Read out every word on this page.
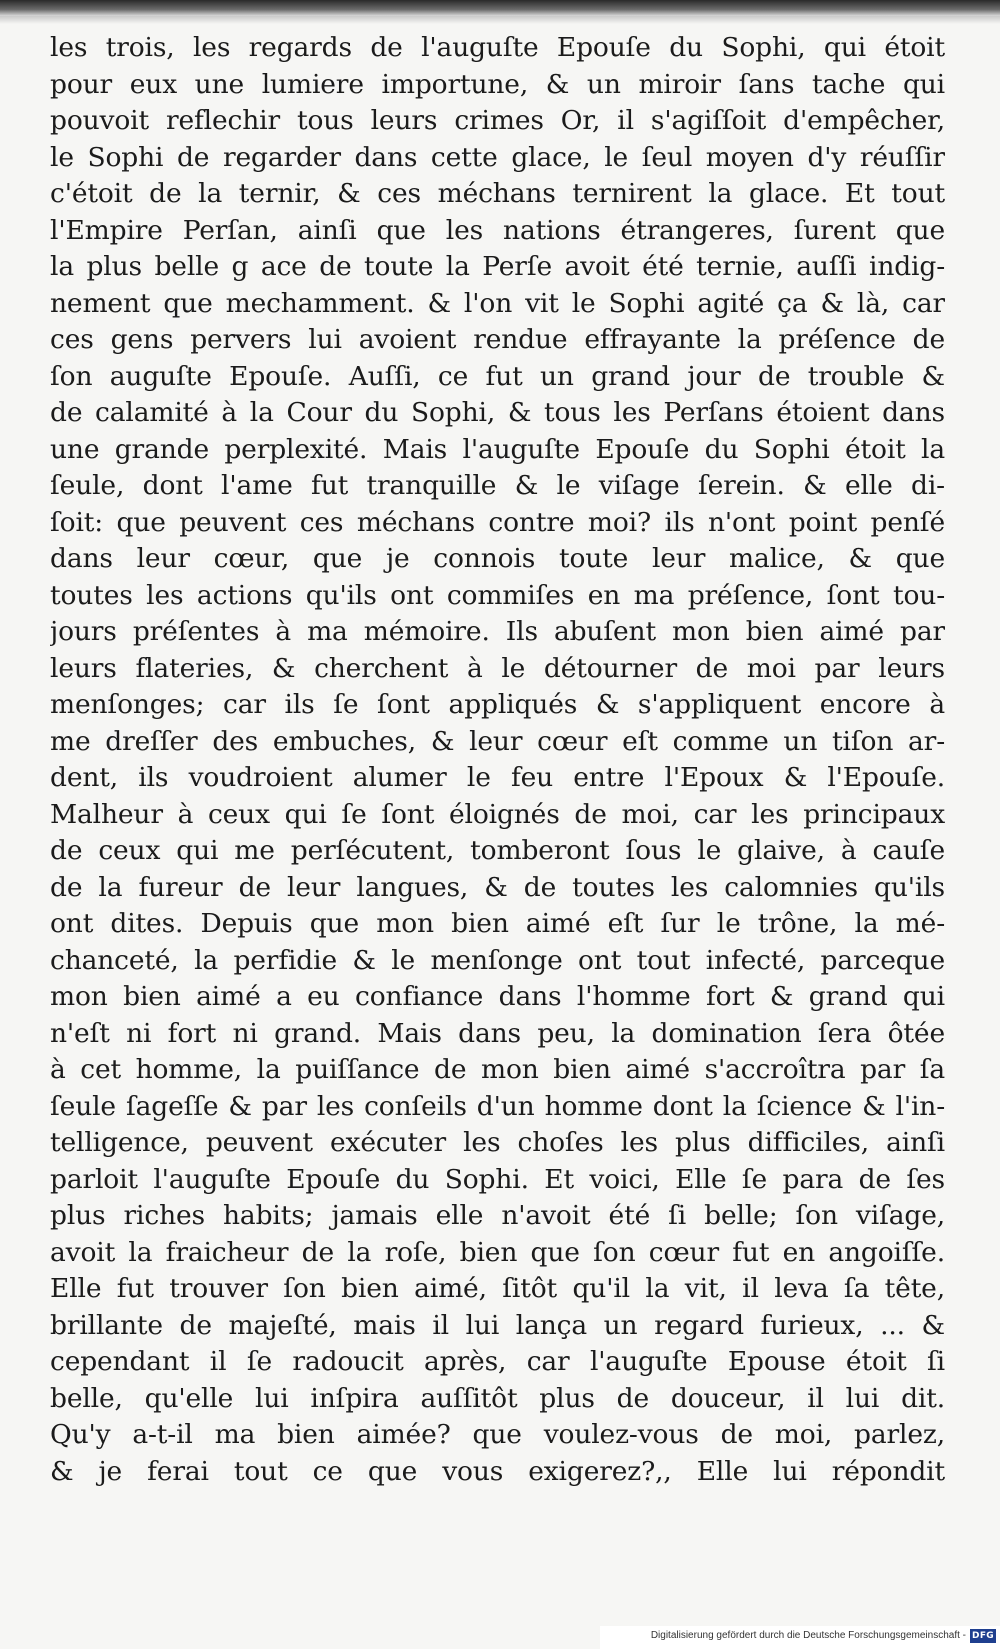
les trois, les regards de l'auguſte Epouſe du Sophi, qui étoit
pour eux une lumiere importune, & un miroir ſans tache qui
pouvoit reflechir tous leurs crimes Or, il s'agiſſoit d'empêcher,
le Sophi de regarder dans cette glace, le ſeul moyen d'y réuſſir
c'étoit de la ternir, & ces méchans ternirent la glace. Et tout
l'Empire Perſan, ainſi que les nations étrangeres, ſurent que
la plus belle g ace de toute la Perſe avoit été ternie, auſſi indig-
nement que mechamment. & l'on vit le Sophi agité ça & là, car
ces gens pervers lui avoient rendue effrayante la préſence de
ſon auguſte Epouſe. Auſſi, ce fut un grand jour de trouble &
de calamité à la Cour du Sophi, & tous les Perſans étoient dans
une grande perplexité. Mais l'auguſte Epouſe du Sophi étoit la
ſeule, dont l'ame fut tranquille & le viſage ſerein. & elle di-
ſoit: que peuvent ces méchans contre moi? ils n'ont point penſé
dans leur cœur, que je connois toute leur malice, & que
toutes les actions qu'ils ont commiſes en ma préſence, ſont tou-
jours préſentes à ma mémoire. Ils abuſent mon bien aimé par
leurs flateries, & cherchent à le détourner de moi par leurs
menſonges; car ils ſe ſont appliqués & s'appliquent encore à
me dreſſer des embuches, & leur cœur eſt comme un tiſon ar-
dent, ils voudroient alumer le feu entre l'Epoux & l'Epouſe.
Malheur à ceux qui ſe ſont éloignés de moi, car les principaux
de ceux qui me perſécutent, tomberont ſous le glaive, à cauſe
de la fureur de leur langues, & de toutes les calomnies qu'ils
ont dites. Depuis que mon bien aimé eſt ſur le trône, la mé-
chanceté, la perfidie & le menſonge ont tout infecté, parceque
mon bien aimé a eu confiance dans l'homme fort & grand qui
n'eſt ni fort ni grand. Mais dans peu, la domination ſera ôtée
à cet homme, la puiſſance de mon bien aimé s'accroîtra par ſa
ſeule ſageſſe & par les conſeils d'un homme dont la ſcience & l'in-
telligence, peuvent exécuter les choſes les plus difficiles, ainſi
parloit l'auguſte Epouſe du Sophi. Et voici, Elle ſe para de ſes
plus riches habits; jamais elle n'avoit été ſi belle; ſon viſage,
avoit la fraicheur de la roſe, bien que ſon cœur fut en angoiſſe.
Elle fut trouver ſon bien aimé, ſitôt qu'il la vit, il leva ſa tête,
brillante de majeſté, mais il lui lança un regard furieux, ... &
cependant il ſe radoucit après, car l'auguſte Epouse étoit ſi
belle, qu'elle lui inſpira auſſitôt plus de douceur, il lui dit.
Qu'y a-t-il ma bien aimée? que voulez-vous de moi, parlez,
& je ferai tout ce que vous exigerez?,, Elle lui répondit
Digitalisierung gefördert durch die Deutsche Forschungsgemeinschaft - DFG
